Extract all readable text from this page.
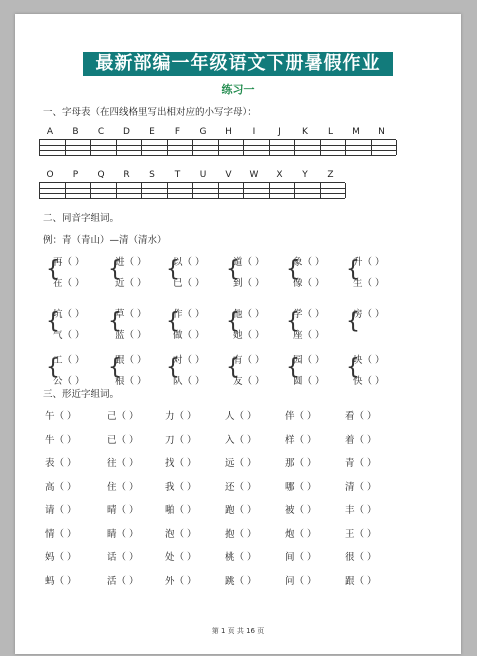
最新部编一年级语文下册暑假作业
练习一
一、字母表（在四线格里写出相对应的小写字母）：
A	B	C	D	E	F	G	H	I	J	K	L	M	N
O	P	Q	R	S	T	U	V	W	X	Y	Z
二、同音字组词。
例：青（青山）—清（清水）
再（ ）
在（ ）
{	进（ ）
近（ ）
{	以（ ）
已（ ）
{	道（ ）
到（ ）
{	象（ ）
像（ ）
{	升（ ）
生（ ）
{
坑（ ）
气（ ）
{	草（ ）
蓝（ ）
{	作（ ）
做（ ）
{	他（ ）
她（ ）
{	学（ ）
座（ ）
{	房（ ）
{
工（ ）
公（ ）
{	跟（ ）
根（ ）
{	对（ ）
队（ ）
{	有（ ）
友（ ）
{	园（ ）
圆（ ）
{	块（ ）
快（ ）
{
三、形近字组词。
午（ ）	己（ ）	力（ ）	人（ ）	伴（ ）	看（ ）
牛（ ）	已（ ）	刀（ ）	入（ ）	样（ ）	着（ ）
表（ ）	往（ ）	找（ ）	远（ ）	那（ ）	青（ ）
高（ ）	住（ ）	我（ ）	还（ ）	哪（ ）	清（ ）
请（ ）	晴（ ）	啪（ ）	跑（ ）	被（ ）	丰（ ）
情（ ）	睛（ ）	泡（ ）	抱（ ）	炮（ ）	王（ ）
妈（ ）	话（ ）	处（ ）	桃（ ）	间（ ）	很（ ）
蚂（ ）	活（ ）	外（ ）	跳（ ）	问（ ）	跟（ ）
第 1 页 共 16 页
